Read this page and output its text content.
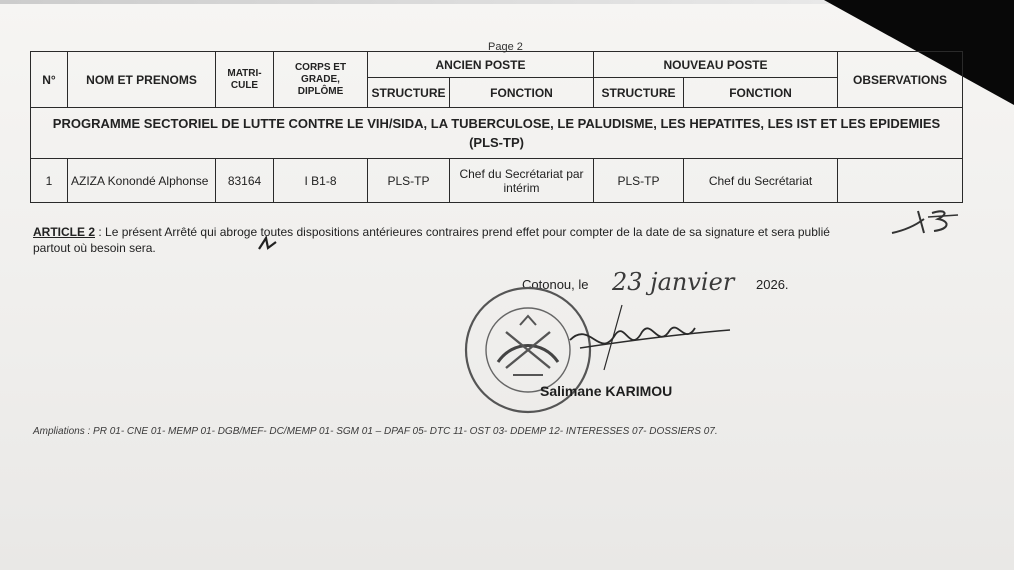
Page 2
N°	NOM ET PRENOMS	MATRI-CULE	CORPS ET GRADE, DIPLÔME	ANCIEN POSTE		NOUVEAU POSTE		OBSERVATIONS
				STRUCTURE	FONCTION	STRUCTURE	FONCTION	
PROGRAMME SECTORIEL DE LUTTE CONTRE LE VIH/SIDA, LA TUBERCULOSE, LE PALUDISME, LES HEPATITES, LES IST ET LES EPIDEMIES (PLS-TP)								
1	AZIZA Konondé Alphonse	83164	I B1-8	PLS-TP	Chef du Secrétariat par intérim	PLS-TP	Chef du Secrétariat	
ARTICLE 2 : Le présent Arrêté qui abroge toutes dispositions antérieures contraires prend effet pour compter de la date de sa signature et sera publié partout où besoin sera.
Cotonou, le 23 janvier 2026.
Salimane KARIMOU
Ampliations : PR 01- CNE 01- MEMP 01- DGB/MEF- DC/MEMP 01- SGM 01 – DPAF 05- DTC 11- OST 03- DDEMP 12- INTERESSES 07- DOSSIERS 07.
